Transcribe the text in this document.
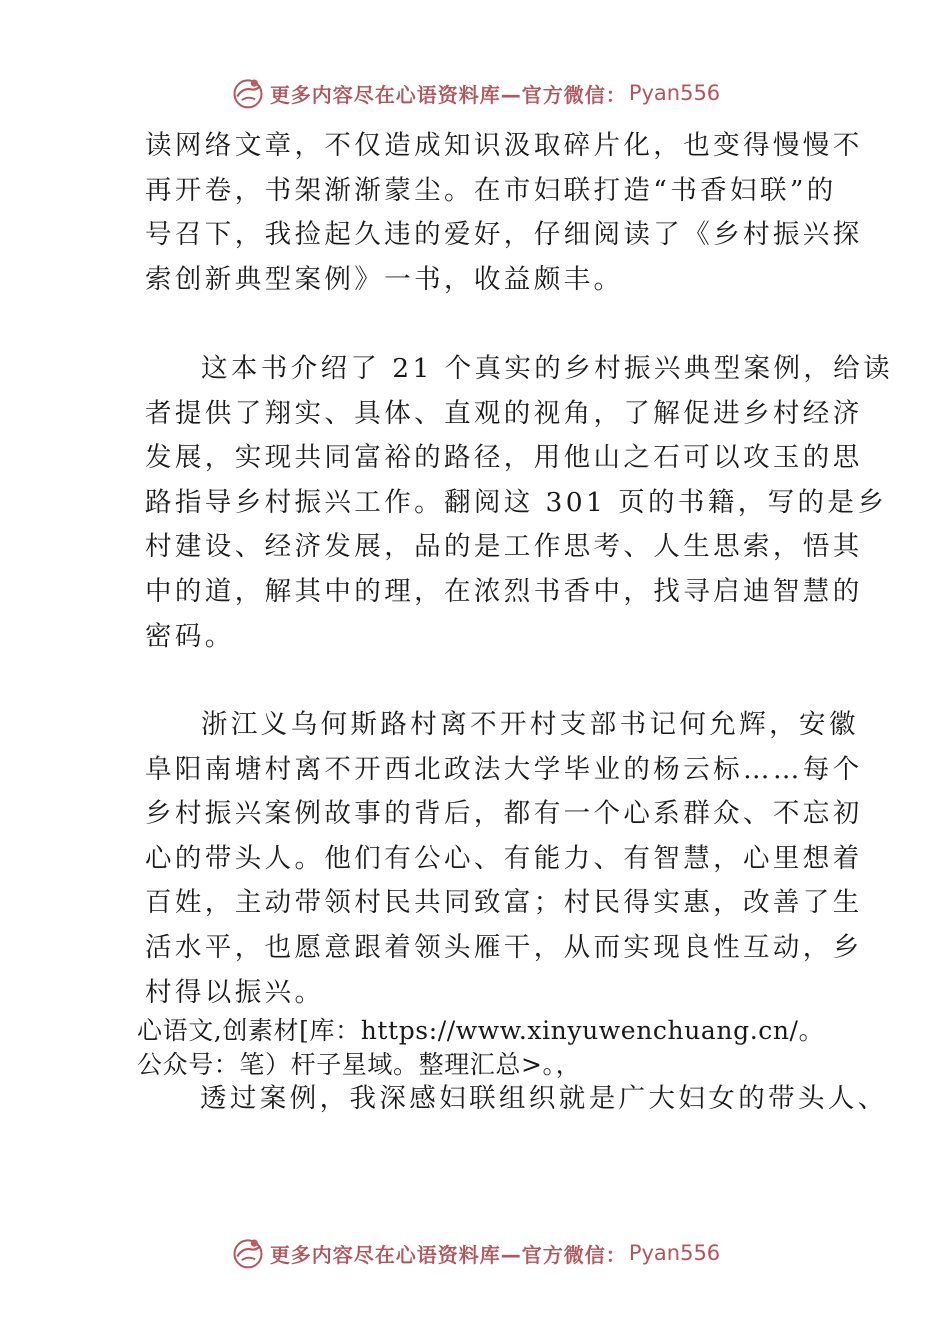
更多内容尽在心语资料库—官方微信： Pyan556
读网络文章，不仅造成知识汲取碎片化，也变得慢慢不
再开卷，书架渐渐蒙尘。在市妇联打造“书香妇联”的
号召下，我捡起久违的爱好，仔细阅读了《乡村振兴探
索创新典型案例》一书，收益颇丰。
这本书介绍了 21 个真实的乡村振兴典型案例，给读
者提供了翔实、具体、直观的视角，了解促进乡村经济
发展，实现共同富裕的路径，用他山之石可以攻玉的思
路指导乡村振兴工作。翻阅这 301 页的书籍，写的是乡
村建设、经济发展，品的是工作思考、人生思索，悟其
中的道，解其中的理，在浓烈书香中，找寻启迪智慧的
密码。
浙江义乌何斯路村离不开村支部书记何允辉，安徽
阜阳南塘村离不开西北政法大学毕业的杨云标……每个
乡村振兴案例故事的背后，都有一个心系群众、不忘初
心的带头人。他们有公心、有能力、有智慧，心里想着
百姓，主动带领村民共同致富；村民得实惠，改善了生
活水平，也愿意跟着领头雁干，从而实现良性互动，乡
村得以振兴。
心语文,创素材[库：https://www.xinyuwenchuang.cn/。
公众号：笔）杆子星域。整理汇总>。，
透过案例，我深感妇联组织就是广大妇女的带头人、
更多内容尽在心语资料库—官方微信： Pyan556
